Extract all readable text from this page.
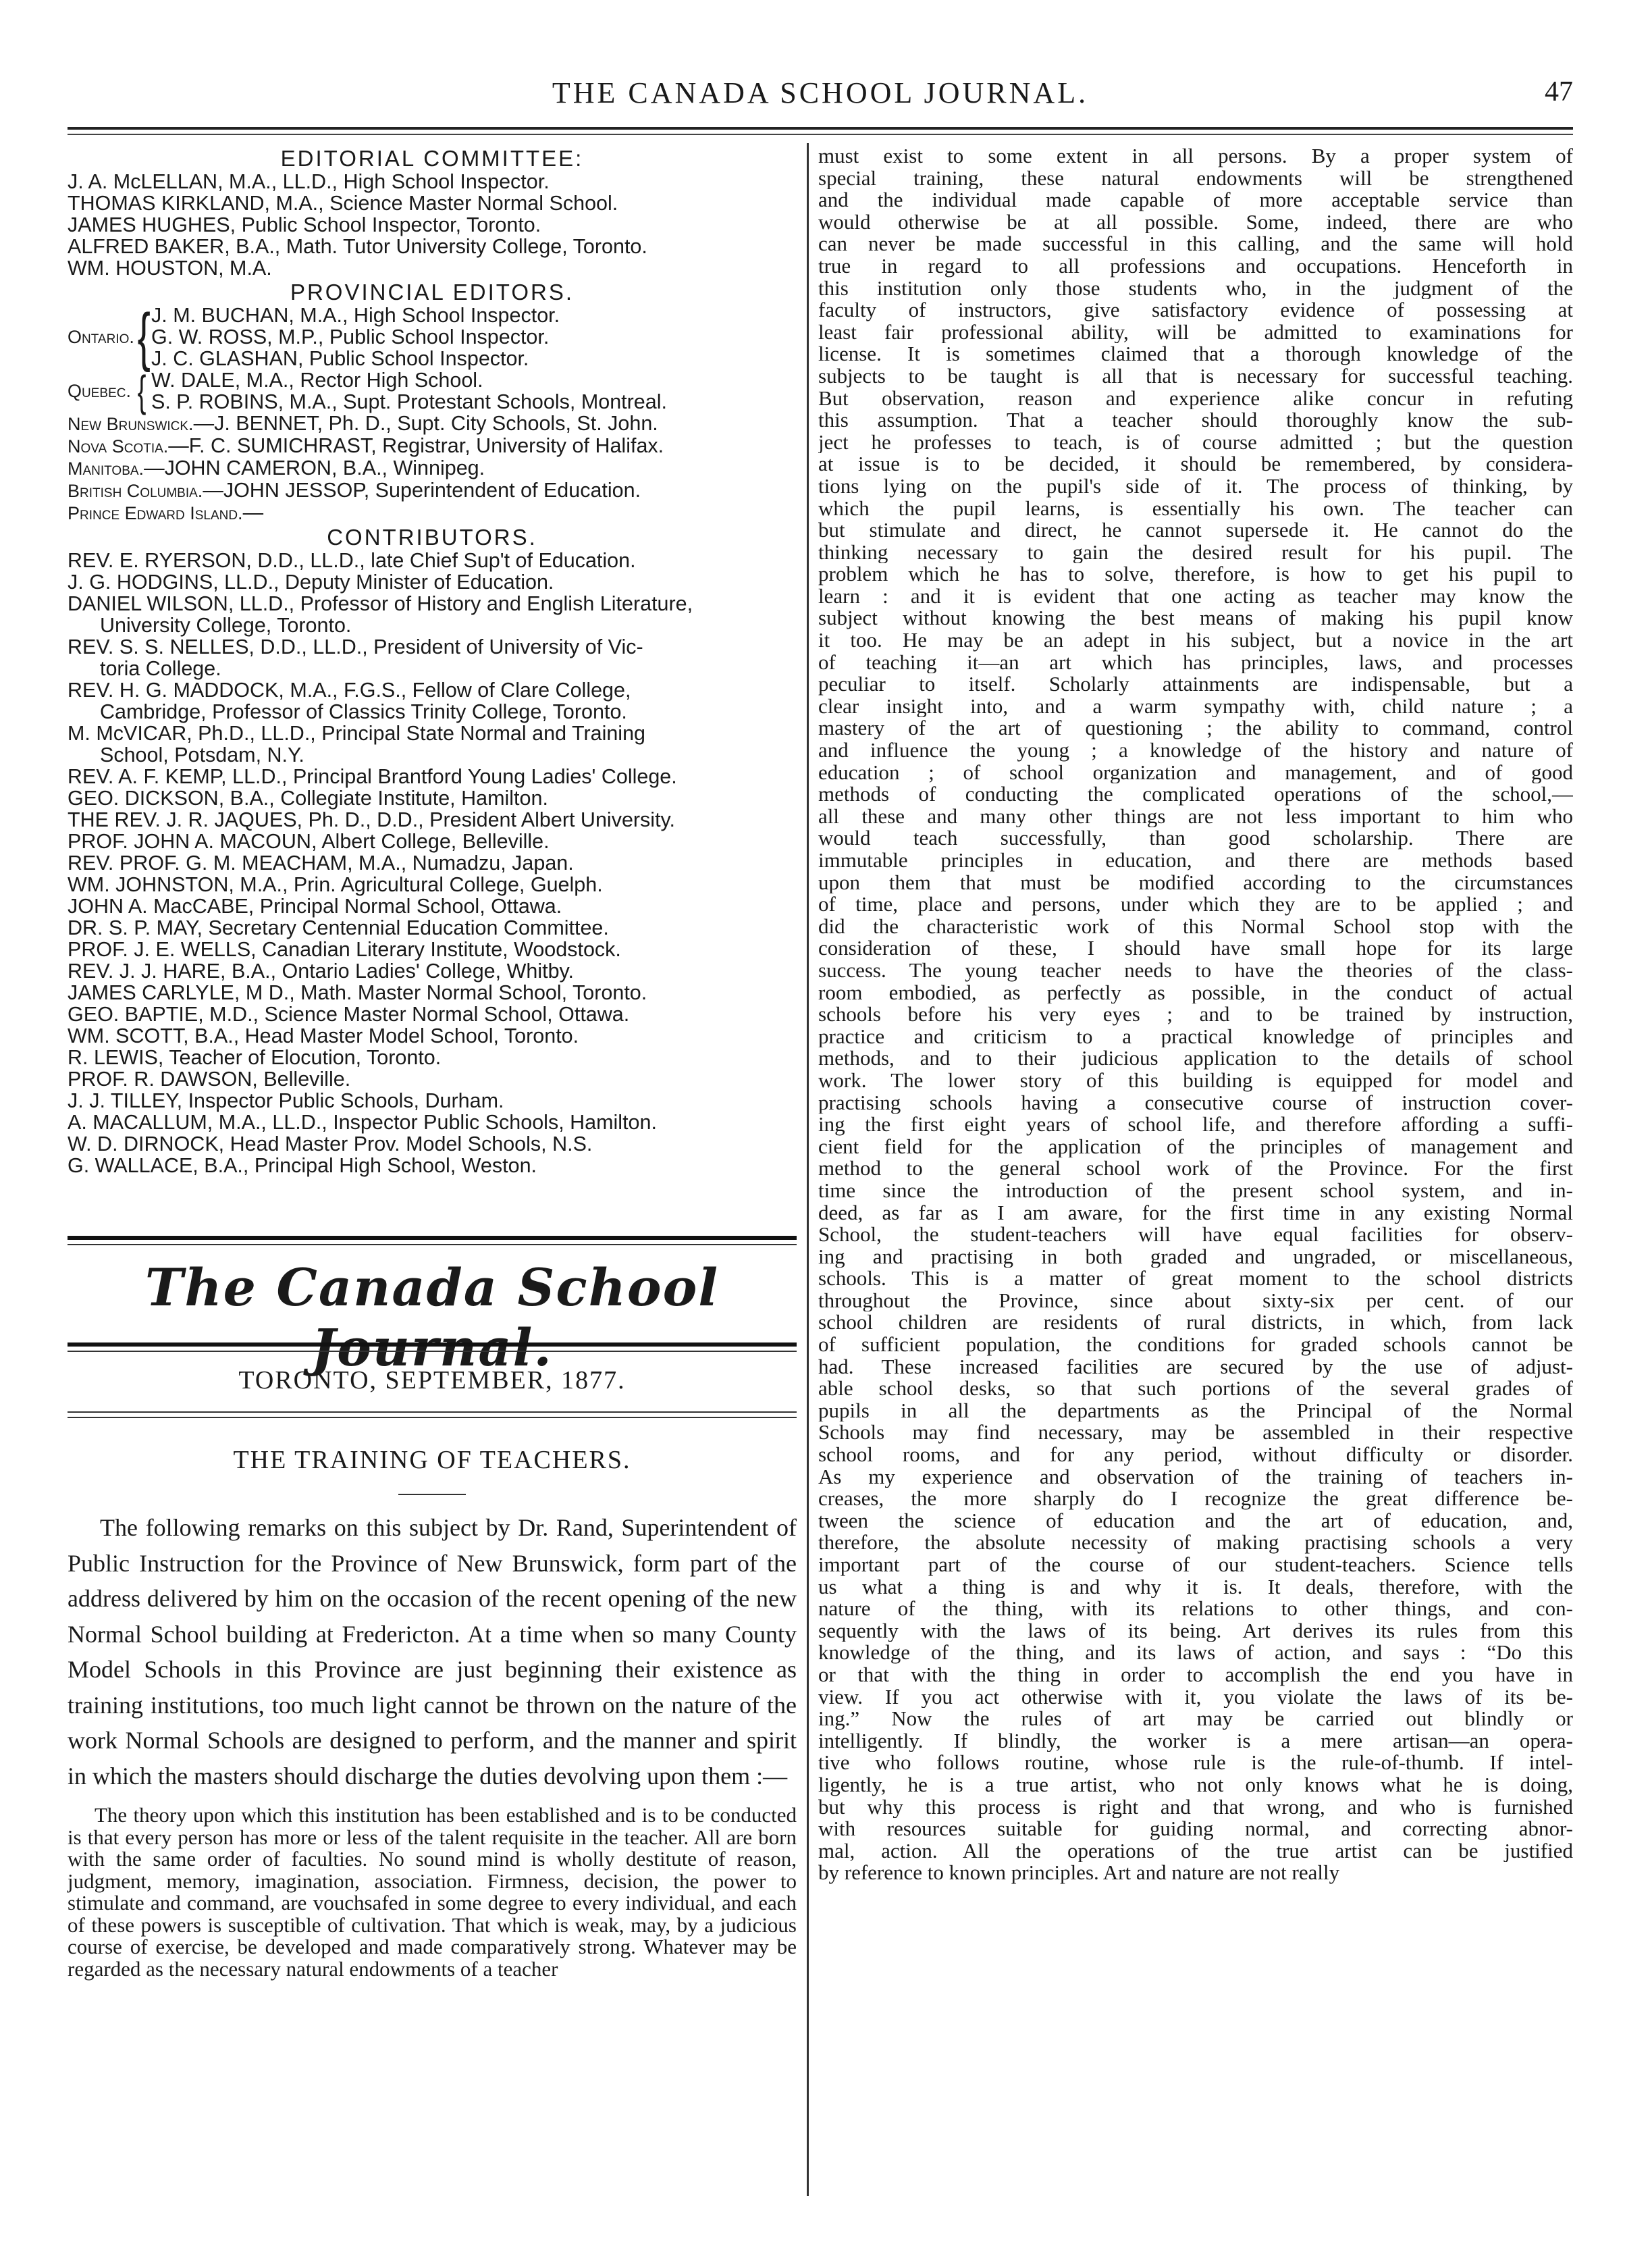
THE CANADA SCHOOL JOURNAL.	47
EDITORIAL COMMITTEE:
J. A. McLELLAN, M.A., LL.D., High School Inspector.
THOMAS KIRKLAND, M.A., Science Master Normal School.
JAMES HUGHES, Public School Inspector, Toronto.
ALFRED BAKER, B.A., Math. Tutor University College, Toronto.
WM. HOUSTON, M.A.
PROVINCIAL EDITORS.
Ontario. { J. M. BUCHAN, M.A., High School Inspector.
G. W. ROSS, M.P., Public School Inspector.
J. C. GLASHAN, Public School Inspector.
Quebec. { W. DALE, M.A., Rector High School.
S. P. ROBINS, M.A., Supt. Protestant Schools, Montreal.
New Brunswick.—J. BENNET, Ph. D., Supt. City Schools, St. John.
Nova Scotia.—F. C. SUMICHRAST, Registrar, University of Halifax.
Manitoba.—JOHN CAMERON, B.A., Winnipeg.
British Columbia.—JOHN JESSOP, Superintendent of Education.
Prince Edward Island.—
CONTRIBUTORS.
REV. E. RYERSON, D.D., LL.D., late Chief Sup't of Education.
J. G. HODGINS, LL.D., Deputy Minister of Education.
DANIEL WILSON, LL.D., Professor of History and English Literature,
University College, Toronto.
REV. S. S. NELLES, D.D., LL.D., President of University of Vic-
toria College.
REV. H. G. MADDOCK, M.A., F.G.S., Fellow of Clare College,
Cambridge, Professor of Classics Trinity College, Toronto.
M. McVICAR, Ph.D., LL.D., Principal State Normal and Training
School, Potsdam, N.Y.
REV. A. F. KEMP, LL.D., Principal Brantford Young Ladies' College.
GEO. DICKSON, B.A., Collegiate Institute, Hamilton.
THE REV. J. R. JAQUES, Ph. D., D.D., President Albert University.
PROF. JOHN A. MACOUN, Albert College, Belleville.
REV. PROF. G. M. MEACHAM, M.A., Numadzu, Japan.
WM. JOHNSTON, M.A., Prin. Agricultural College, Guelph.
JOHN A. MacCABE, Principal Normal School, Ottawa.
DR. S. P. MAY, Secretary Centennial Education Committee.
PROF. J. E. WELLS, Canadian Literary Institute, Woodstock.
REV. J. J. HARE, B.A., Ontario Ladies' College, Whitby.
JAMES CARLYLE, M D., Math. Master Normal School, Toronto.
GEO. BAPTIE, M.D., Science Master Normal School, Ottawa.
WM. SCOTT, B.A., Head Master Model School, Toronto.
R. LEWIS, Teacher of Elocution, Toronto.
PROF. R. DAWSON, Belleville.
J. J. TILLEY, Inspector Public Schools, Durham.
A. MACALLUM, M.A., LL.D., Inspector Public Schools, Hamilton.
W. D. DIRNOCK, Head Master Prov. Model Schools, N.S.
G. WALLACE, B.A., Principal High School, Weston.
The Canada School Journal.
TORONTO, SEPTEMBER, 1877.
THE TRAINING OF TEACHERS.

The following remarks on this subject by Dr. Rand, Superintendent of Public Instruction for the Province of New Brunswick, form part of the address delivered by him on the occasion of the recent opening of the new Normal School building at Fredericton. At a time when so many County Model Schools in this Province are just beginning their existence as training institutions, too much light cannot be thrown on the nature of the work Normal Schools are designed to perform, and the manner and spirit in which the masters should discharge the duties devolving upon them :—

The theory upon which this institution has been established and is to be conducted is that every person has more or less of the talent requisite in the teacher. All are born with the same order of faculties. No sound mind is wholly destitute of reason, judgment, memory, imagination, association. Firmness, decision, the power to stimulate and command, are vouchsafed in some degree to every individual, and each of these powers is susceptible of cultivation. That which is weak, may, by a judicious course of exercise, be developed and made comparatively strong. Whatever may be regarded as the necessary natural endowments of a teacher

must exist to some extent in all persons. By a proper system of
special training, these natural endowments will be strengthened
and the individual made capable of more acceptable service than
would otherwise be at all possible. Some, indeed, there are who
can never be made successful in this calling, and the same will hold
true in regard to all professions and occupations. Henceforth in
this institution only those students who, in the judgment of the
faculty of instructors, give satisfactory evidence of possessing at
least fair professional ability, will be admitted to examinations for
license. It is sometimes claimed that a thorough knowledge of the
subjects to be taught is all that is necessary for successful teaching.
But observation, reason and experience alike concur in refuting
this assumption. That a teacher should thoroughly know the sub-
ject he professes to teach, is of course admitted ; but the question
at issue is to be decided, it should be remembered, by considera-
tions lying on the pupil's side of it. The process of thinking, by
which the pupil learns, is essentially his own. The teacher can
but stimulate and direct, he cannot supersede it. He cannot do the
thinking necessary to gain the desired result for his pupil. The
problem which he has to solve, therefore, is how to get his pupil to
learn : and it is evident that one acting as teacher may know the
subject without knowing the best means of making his pupil know
it too. He may be an adept in his subject, but a novice in the art
of teaching it—an art which has principles, laws, and processes
peculiar to itself. Scholarly attainments are indispensable, but a
clear insight into, and a warm sympathy with, child nature ; a
mastery of the art of questioning ; the ability to command, control
and influence the young ; a knowledge of the history and nature of
education ; of school organization and management, and of good
methods of conducting the complicated operations of the school,—
all these and many other things are not less important to him who
would teach successfully, than good scholarship. There are
immutable principles in education, and there are methods based
upon them that must be modified according to the circumstances
of time, place and persons, under which they are to be applied ; and
did the characteristic work of this Normal School stop with the
consideration of these, I should have small hope for its large
success. The young teacher needs to have the theories of the class-
room embodied, as perfectly as possible, in the conduct of actual
schools before his very eyes ; and to be trained by instruction,
practice and criticism to a practical knowledge of principles and
methods, and to their judicious application to the details of school
work. The lower story of this building is equipped for model and
practising schools having a consecutive course of instruction cover-
ing the first eight years of school life, and therefore affording a suffi-
cient field for the application of the principles of management and
method to the general school work of the Province. For the first
time since the introduction of the present school system, and in-
deed, as far as I am aware, for the first time in any existing Normal
School, the student-teachers will have equal facilities for observ-
ing and practising in both graded and ungraded, or miscellaneous,
schools. This is a matter of great moment to the school districts
throughout the Province, since about sixty-six per cent. of our
school children are residents of rural districts, in which, from lack
of sufficient population, the conditions for graded schools cannot be
had. These increased facilities are secured by the use of adjust-
able school desks, so that such portions of the several grades of
pupils in all the departments as the Principal of the Normal
Schools may find necessary, may be assembled in their respective
school rooms, and for any period, without difficulty or disorder.
As my experience and observation of the training of teachers in-
creases, the more sharply do I recognize the great difference be-
tween the science of education and the art of education, and,
therefore, the absolute necessity of making practising schools a very
important part of the course of our student-teachers. Science tells
us what a thing is and why it is. It deals, therefore, with the
nature of the thing, with its relations to other things, and con-
sequently with the laws of its being. Art derives its rules from this
knowledge of the thing, and its laws of action, and says : “Do this
or that with the thing in order to accomplish the end you have in
view. If you act otherwise with it, you violate the laws of its be-
ing.” Now the rules of art may be carried out blindly or
intelligently. If blindly, the worker is a mere artisan—an opera-
tive who follows routine, whose rule is the rule-of-thumb. If intel-
ligently, he is a true artist, who not only knows what he is doing,
but why this process is right and that wrong, and who is furnished
with resources suitable for guiding normal, and correcting abnor-
mal, action. All the operations of the true artist can be justified
by reference to known principles. Art and nature are not really
